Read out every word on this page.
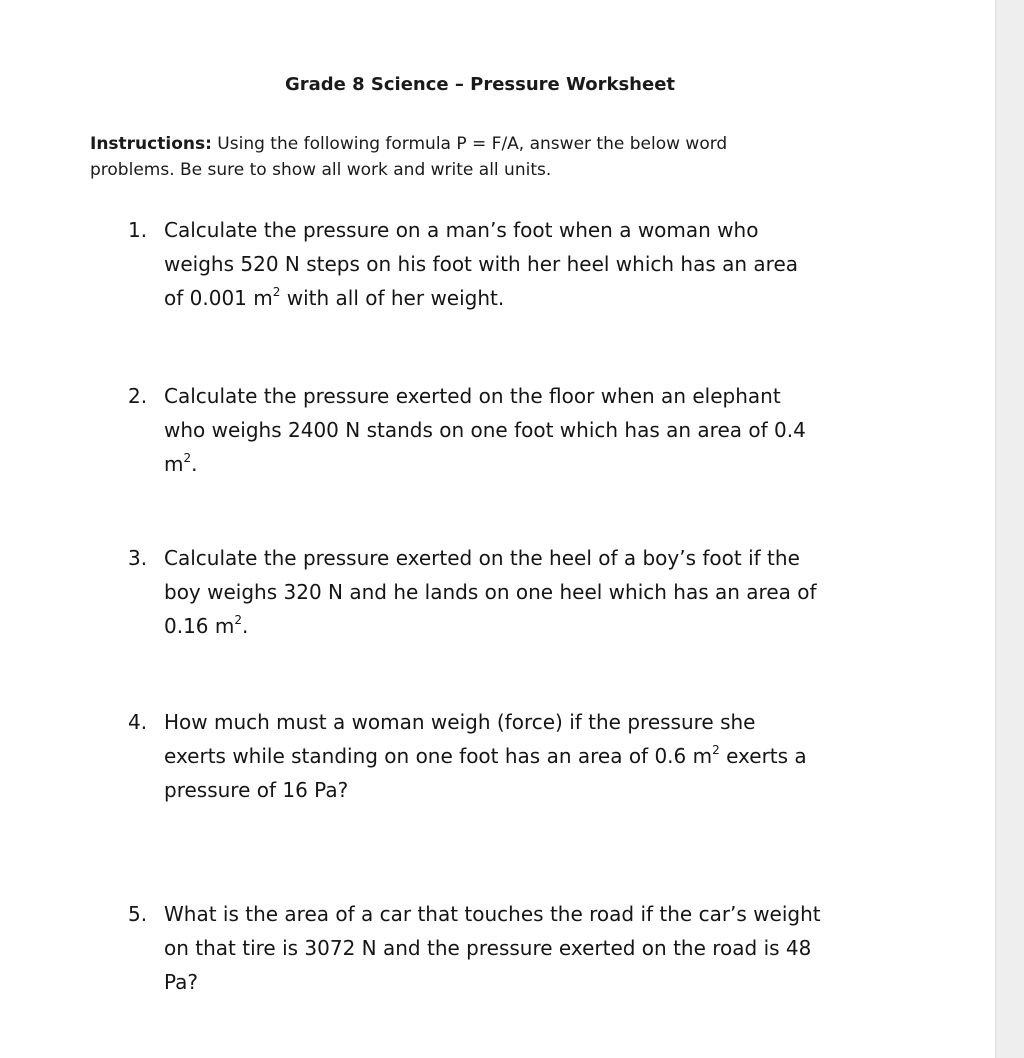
Grade 8 Science – Pressure Worksheet
Instructions: Using the following formula P = F/A, answer the below word
problems. Be sure to show all work and write all units.
1. Calculate the pressure on a man’s foot when a woman who
weighs 520 N steps on his foot with her heel which has an area
of 0.001 $m^2$ with all of her weight.
2. Calculate the pressure exerted on the floor when an elephant
who weighs 2400 N stands on one foot which has an area of 0.4
$m^2$.
3. Calculate the pressure exerted on the heel of a boy’s foot if the
boy weighs 320 N and he lands on one heel which has an area of
0.16 $m^2$.
4. How much must a woman weigh (force) if the pressure she
exerts while standing on one foot has an area of 0.6 $m^2$ exerts a
pressure of 16 Pa?
5. What is the area of a car that touches the road if the car’s weight
on that tire is 3072 N and the pressure exerted on the road is 48
Pa?
